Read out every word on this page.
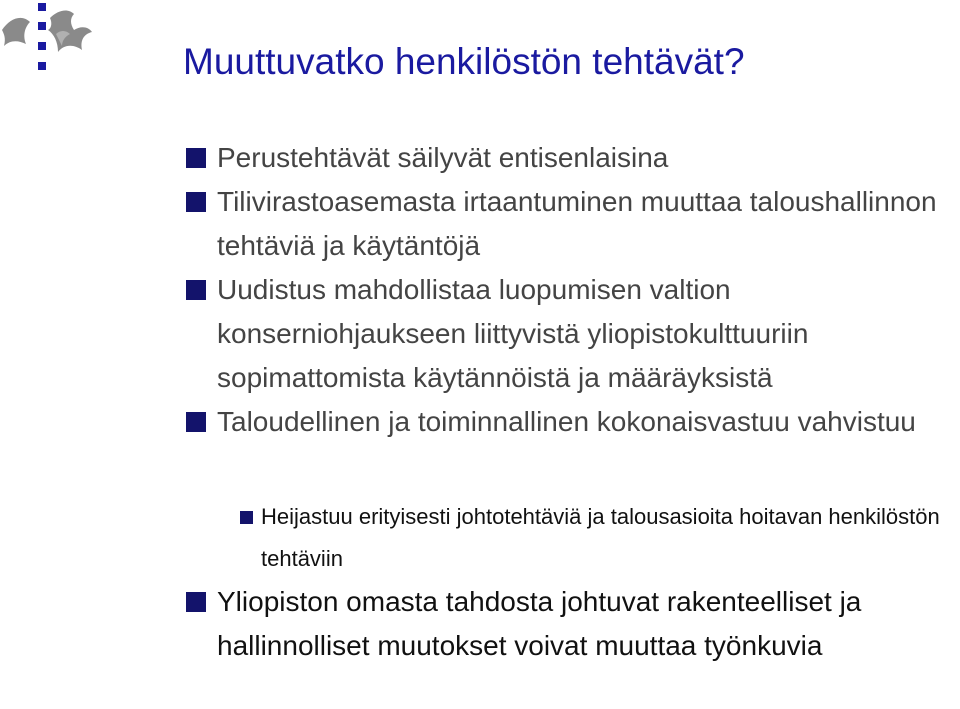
Muuttuvatko henkilöstön tehtävät?
Perustehtävät säilyvät entisenlaisina
Tilivirastoasemasta irtaantuminen muuttaa taloushallinnon tehtäviä ja käytäntöjä
Uudistus mahdollistaa luopumisen valtion konserniohjaukseen liittyvistä yliopistokulttuuriin sopimattomista käytännöistä ja määräyksistä
Taloudellinen ja toiminnallinen kokonaisvastuu vahvistuu
Heijastuu erityisesti johtotehtäviä ja talousasioita hoitavan henkilöstön tehtäviin
Yliopiston omasta tahdosta johtuvat rakenteelliset ja hallinnolliset muutokset voivat muuttaa työnkuvia
